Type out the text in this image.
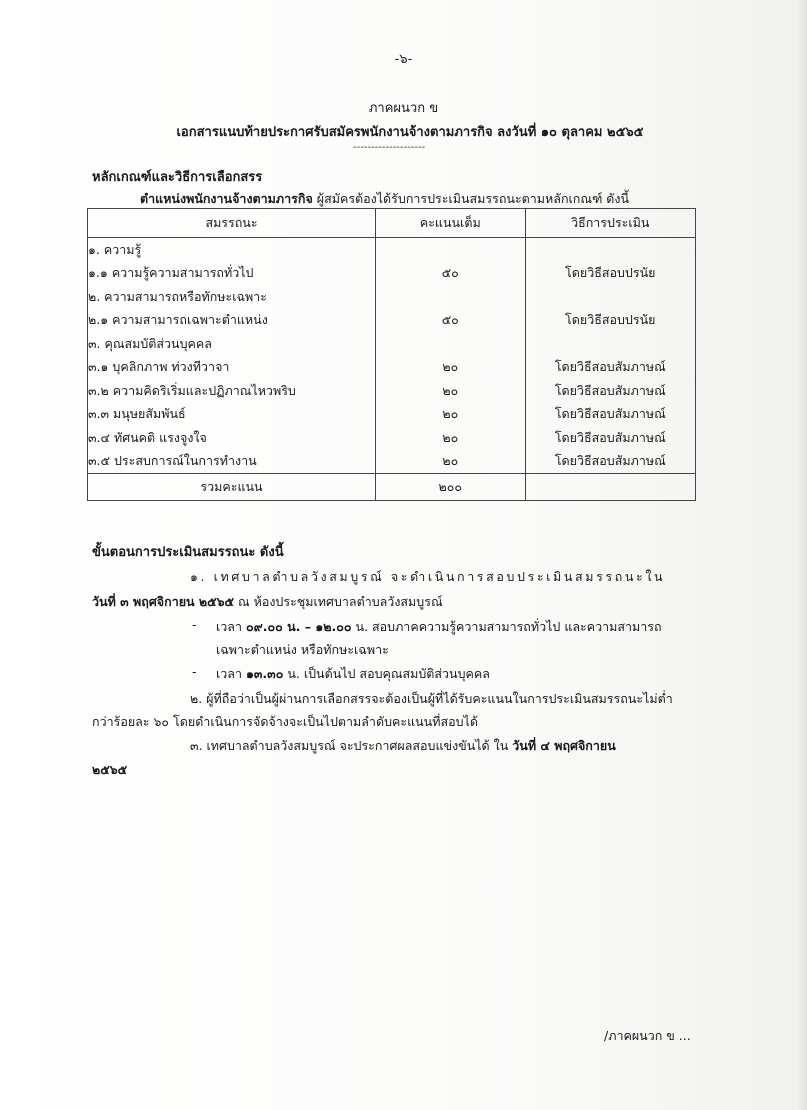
-๖-
ภาคผนวก ข
เอกสารแนบท้ายประกาศรับสมัครพนักงานจ้างตามภารกิจ ลงวันที่ ๑๐ ตุลาคม ๒๕๖๕
--------------------
หลักเกณฑ์และวิธีการเลือกสรร
ตำแหน่งพนักงานจ้างตามภารกิจ ผู้สมัครต้องได้รับการประเมินสมรรถนะตามหลักเกณฑ์ ดังนี้
สมรรถนะ	คะแนนเต็ม	วิธีการประเมิน
๑. ความรู้		
๑.๑ ความรู้ความสามารถทั่วไป	๕๐	โดยวิธีสอบปรนัย
๒. ความสามารถหรือทักษะเฉพาะ		
๒.๑ ความสามารถเฉพาะตำแหน่ง	๕๐	โดยวิธีสอบปรนัย
๓. คุณสมบัติส่วนบุคคล		
๓.๑ บุคลิกภาพ ท่วงทีวาจา	๒๐	โดยวิธีสอบสัมภาษณ์
๓.๒ ความคิดริเริ่มและปฏิภาณไหวพริบ	๒๐	โดยวิธีสอบสัมภาษณ์
๓.๓ มนุษยสัมพันธ์	๒๐	โดยวิธีสอบสัมภาษณ์
๓.๔ ทัศนคติ แรงจูงใจ	๒๐	โดยวิธีสอบสัมภาษณ์
๓.๕ ประสบการณ์ในการทำงาน	๒๐	โดยวิธีสอบสัมภาษณ์
รวมคะแนน	๒๐๐	
ขั้นตอนการประเมินสมรรถนะ ดังนี้
๑. เทศบาลตำบลวังสมบูรณ์ จะดำเนินการสอบประเมินสมรรถนะใน
วันที่ ๓ พฤศจิกายน ๒๕๖๕ ณ ห้องประชุมเทศบาลตำบลวังสมบูรณ์
- เวลา ๐๙.๐๐ น. – ๑๒.๐๐ น. สอบภาคความรู้ความสามารถทั่วไป และความสามารถ
เฉพาะตำแหน่ง หรือทักษะเฉพาะ
- เวลา ๑๓.๓๐ น. เป็นต้นไป สอบคุณสมบัติส่วนบุคคล
๒. ผู้ที่ถือว่าเป็นผู้ผ่านการเลือกสรรจะต้องเป็นผู้ที่ได้รับคะแนนในการประเมินสมรรถนะไม่ต่ำ
กว่าร้อยละ ๖๐ โดยดำเนินการจัดจ้างจะเป็นไปตามลำดับคะแนนที่สอบได้
๓. เทศบาลตำบลวังสมบูรณ์ จะประกาศผลสอบแข่งขันได้ ใน วันที่ ๔ พฤศจิกายน
๒๕๖๕
/ภาคผนวก ข ...
